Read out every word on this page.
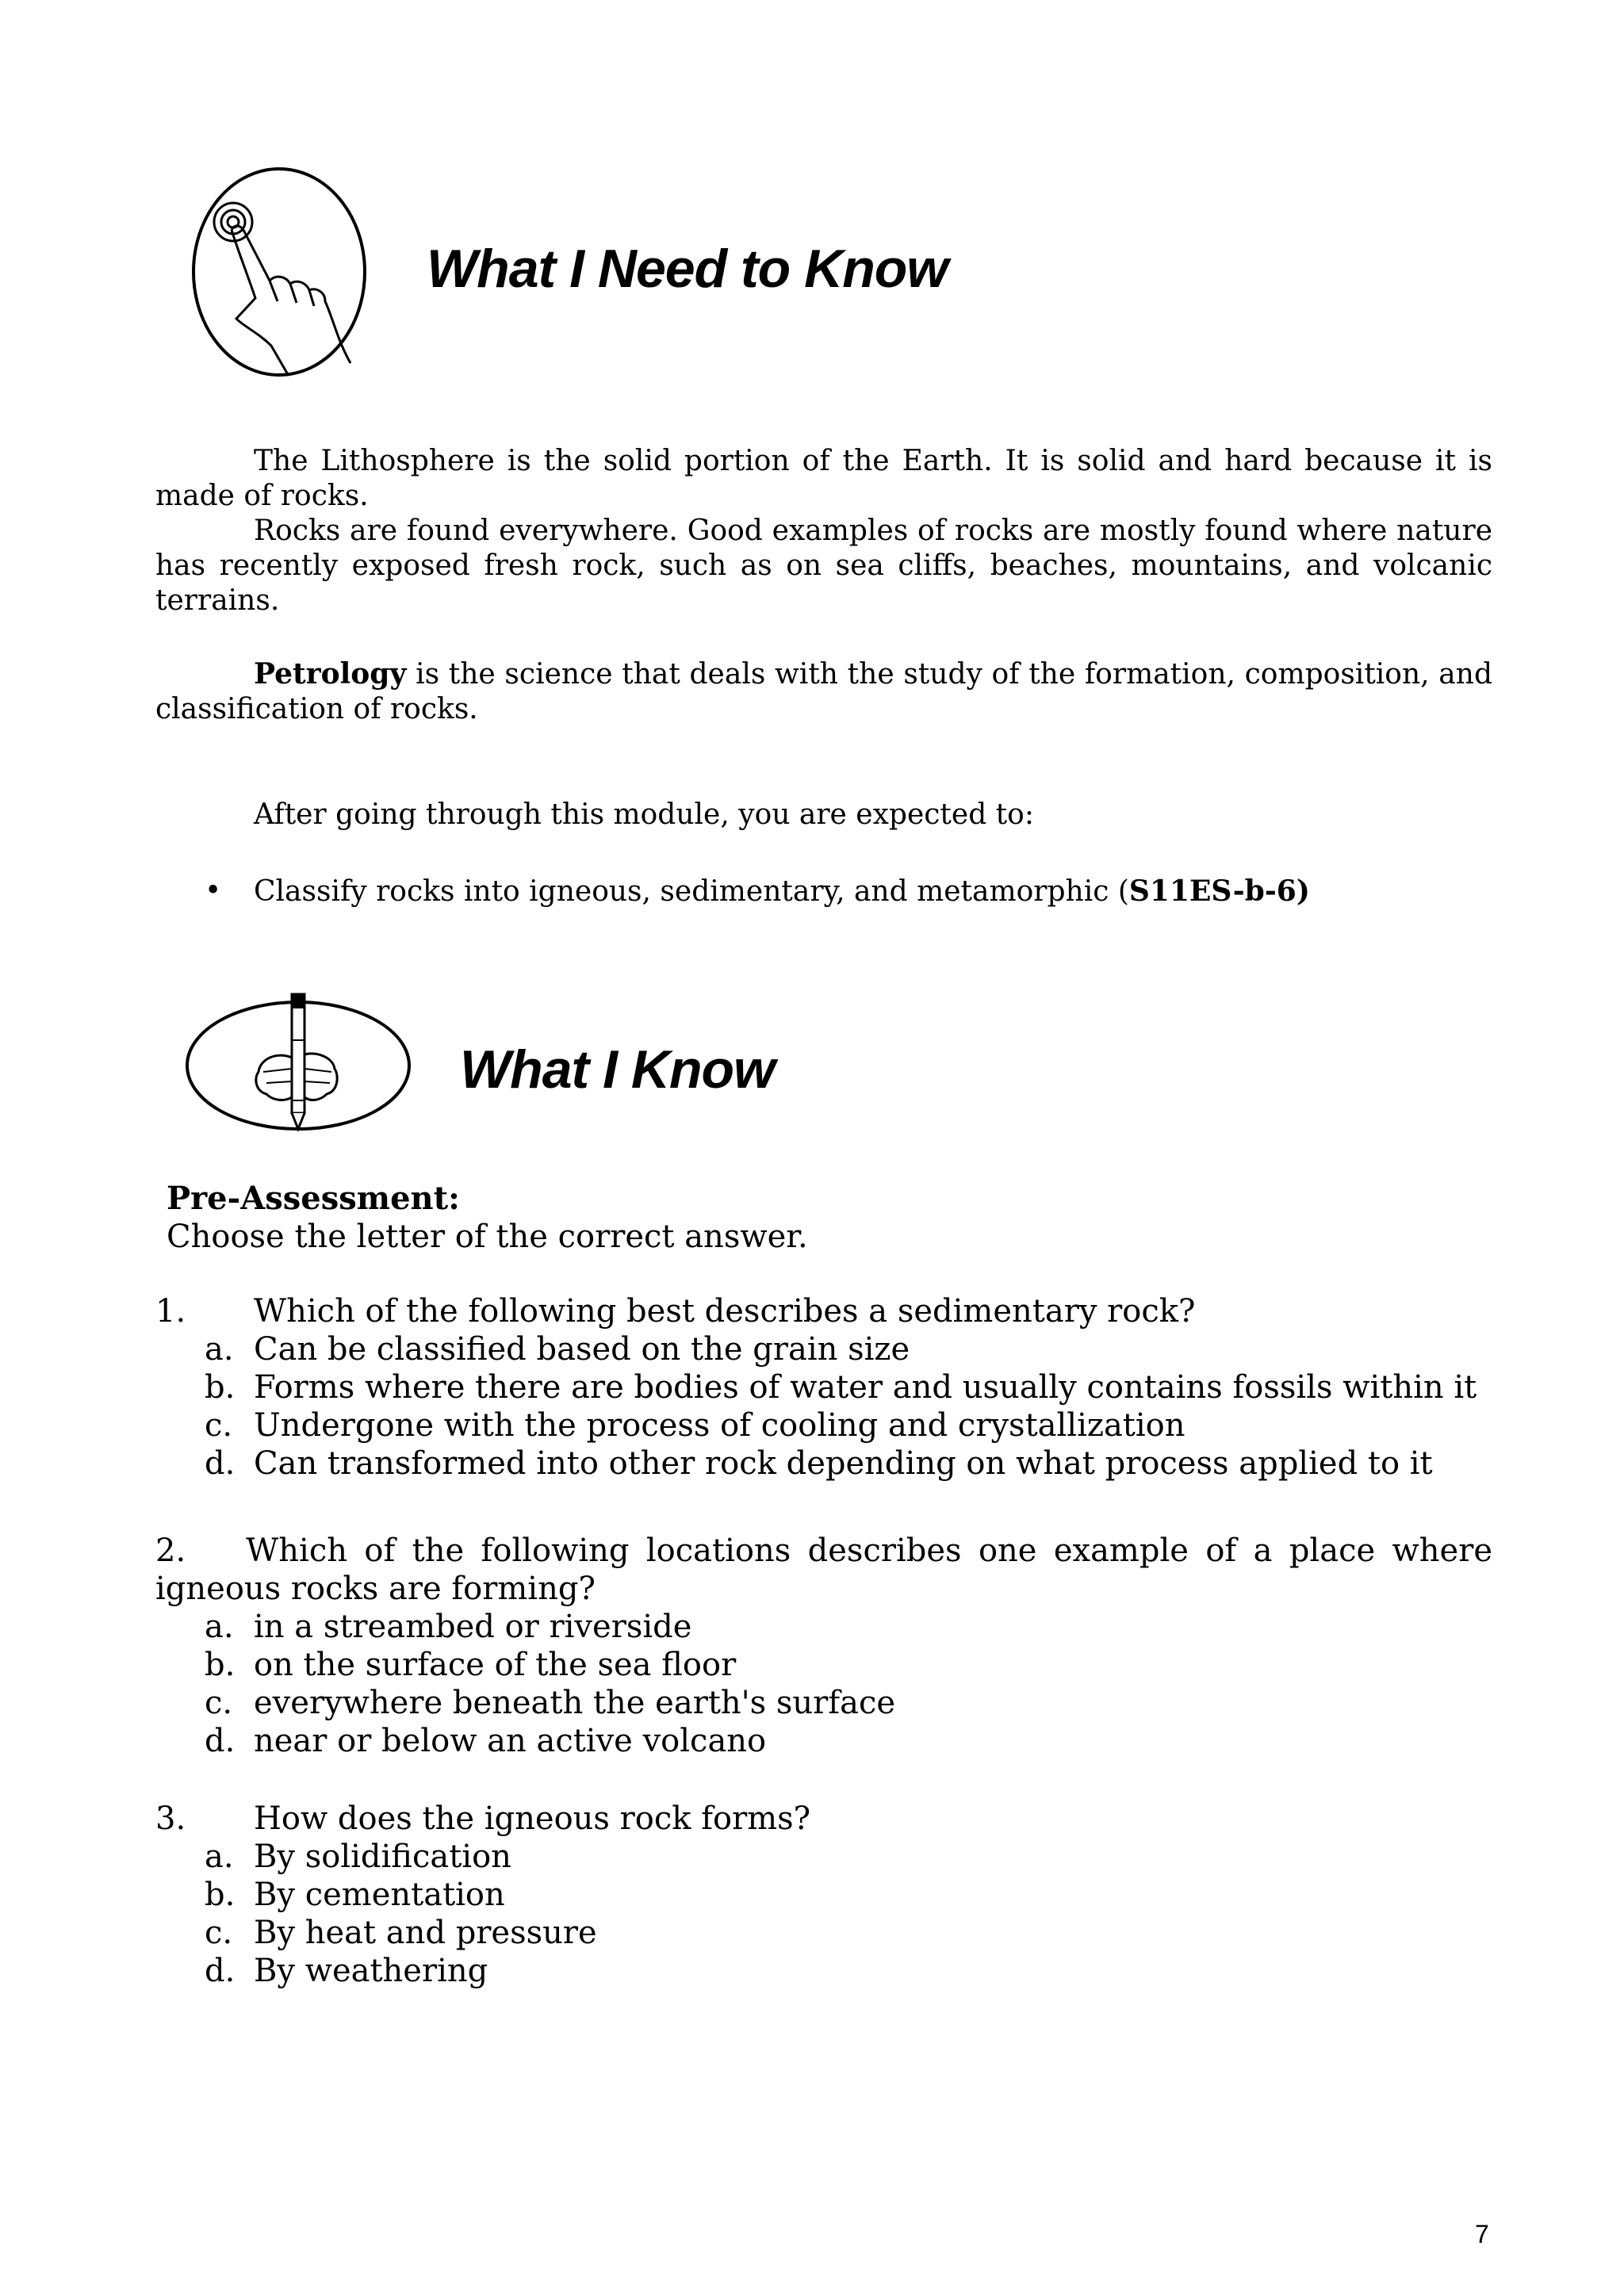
What I Need to Know
The Lithosphere is the solid portion of the Earth. It is solid and hard because it is made of rocks.
Rocks are found everywhere. Good examples of rocks are mostly found where nature has recently exposed fresh rock, such as on sea cliffs, beaches, mountains, and volcanic terrains.
Petrology is the science that deals with the study of the formation, composition, and classification of rocks.
After going through this module, you are expected to:
• Classify rocks into igneous, sedimentary, and metamorphic (S11ES-b-6)
What I Know
Pre-Assessment:
Choose the letter of the correct answer.
1. Which of the following best describes a sedimentary rock?
a. Can be classified based on the grain size
b. Forms where there are bodies of water and usually contains fossils within it
c. Undergone with the process of cooling and crystallization
d. Can transformed into other rock depending on what process applied to it
2. Which of the following locations describes one example of a place where igneous rocks are forming?
a. in a streambed or riverside
b. on the surface of the sea floor
c. everywhere beneath the earth's surface
d. near or below an active volcano
3. How does the igneous rock forms?
a. By solidification
b. By cementation
c. By heat and pressure
d. By weathering
7
